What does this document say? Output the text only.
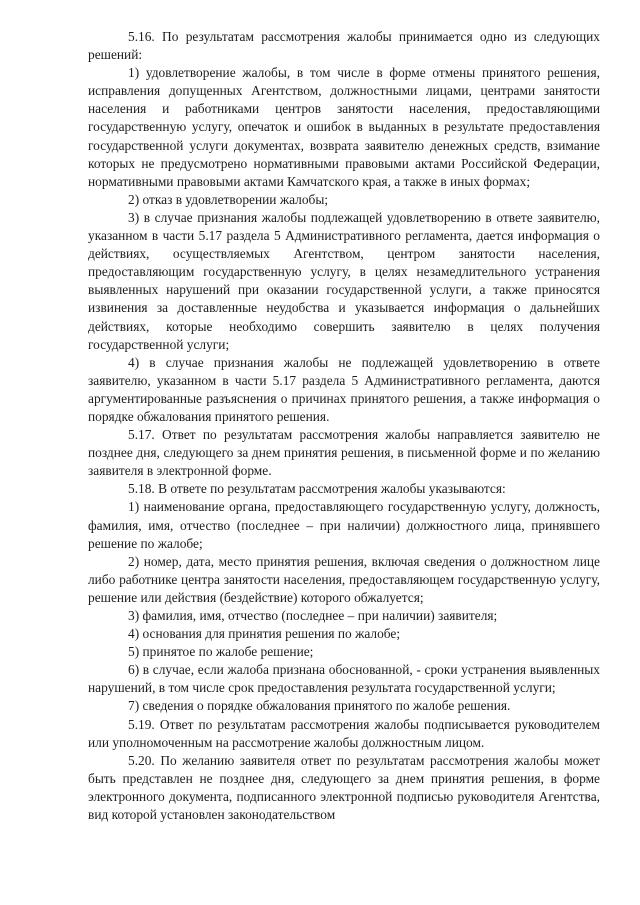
5.16. По результатам рассмотрения жалобы принимается одно из следующих решений:

1) удовлетворение жалобы, в том числе в форме отмены принятого решения, исправления допущенных Агентством, должностными лицами, центрами занятости населения и работниками центров занятости населения, предоставляющими государственную услугу, опечаток и ошибок в выданных в результате предоставления государственной услуги документах, возврата заявителю денежных средств, взимание которых не предусмотрено нормативными правовыми актами Российской Федерации, нормативными правовыми актами Камчатского края, а также в иных формах;

2) отказ в удовлетворении жалобы;

3) в случае признания жалобы подлежащей удовлетворению в ответе заявителю, указанном в части 5.17 раздела 5 Административного регламента, дается информация о действиях, осуществляемых Агентством, центром занятости населения, предоставляющим государственную услугу, в целях незамедлительного устранения выявленных нарушений при оказании государственной услуги, а также приносятся извинения за доставленные неудобства и указывается информация о дальнейших действиях, которые необходимо совершить заявителю в целях получения государственной услуги;

4) в случае признания жалобы не подлежащей удовлетворению в ответе заявителю, указанном в части 5.17 раздела 5 Административного регламента, даются аргументированные разъяснения о причинах принятого решения, а также информация о порядке обжалования принятого решения.

5.17. Ответ по результатам рассмотрения жалобы направляется заявителю не позднее дня, следующего за днем принятия решения, в письменной форме и по желанию заявителя в электронной форме.

5.18. В ответе по результатам рассмотрения жалобы указываются:

1) наименование органа, предоставляющего государственную услугу, должность, фамилия, имя, отчество (последнее – при наличии) должностного лица, принявшего решение по жалобе;

2) номер, дата, место принятия решения, включая сведения о должностном лице либо работнике центра занятости населения, предоставляющем государственную услугу, решение или действия (бездействие) которого обжалуется;

3) фамилия, имя, отчество (последнее – при наличии) заявителя;

4) основания для принятия решения по жалобе;

5) принятое по жалобе решение;

6) в случае, если жалоба признана обоснованной, - сроки устранения выявленных нарушений, в том числе срок предоставления результата государственной услуги;

7) сведения о порядке обжалования принятого по жалобе решения.

5.19. Ответ по результатам рассмотрения жалобы подписывается руководителем или уполномоченным на рассмотрение жалобы должностным лицом.

5.20. По желанию заявителя ответ по результатам рассмотрения жалобы может быть представлен не позднее дня, следующего за днем принятия решения, в форме электронного документа, подписанного электронной подписью руководителя Агентства, вид которой установлен законодательством
